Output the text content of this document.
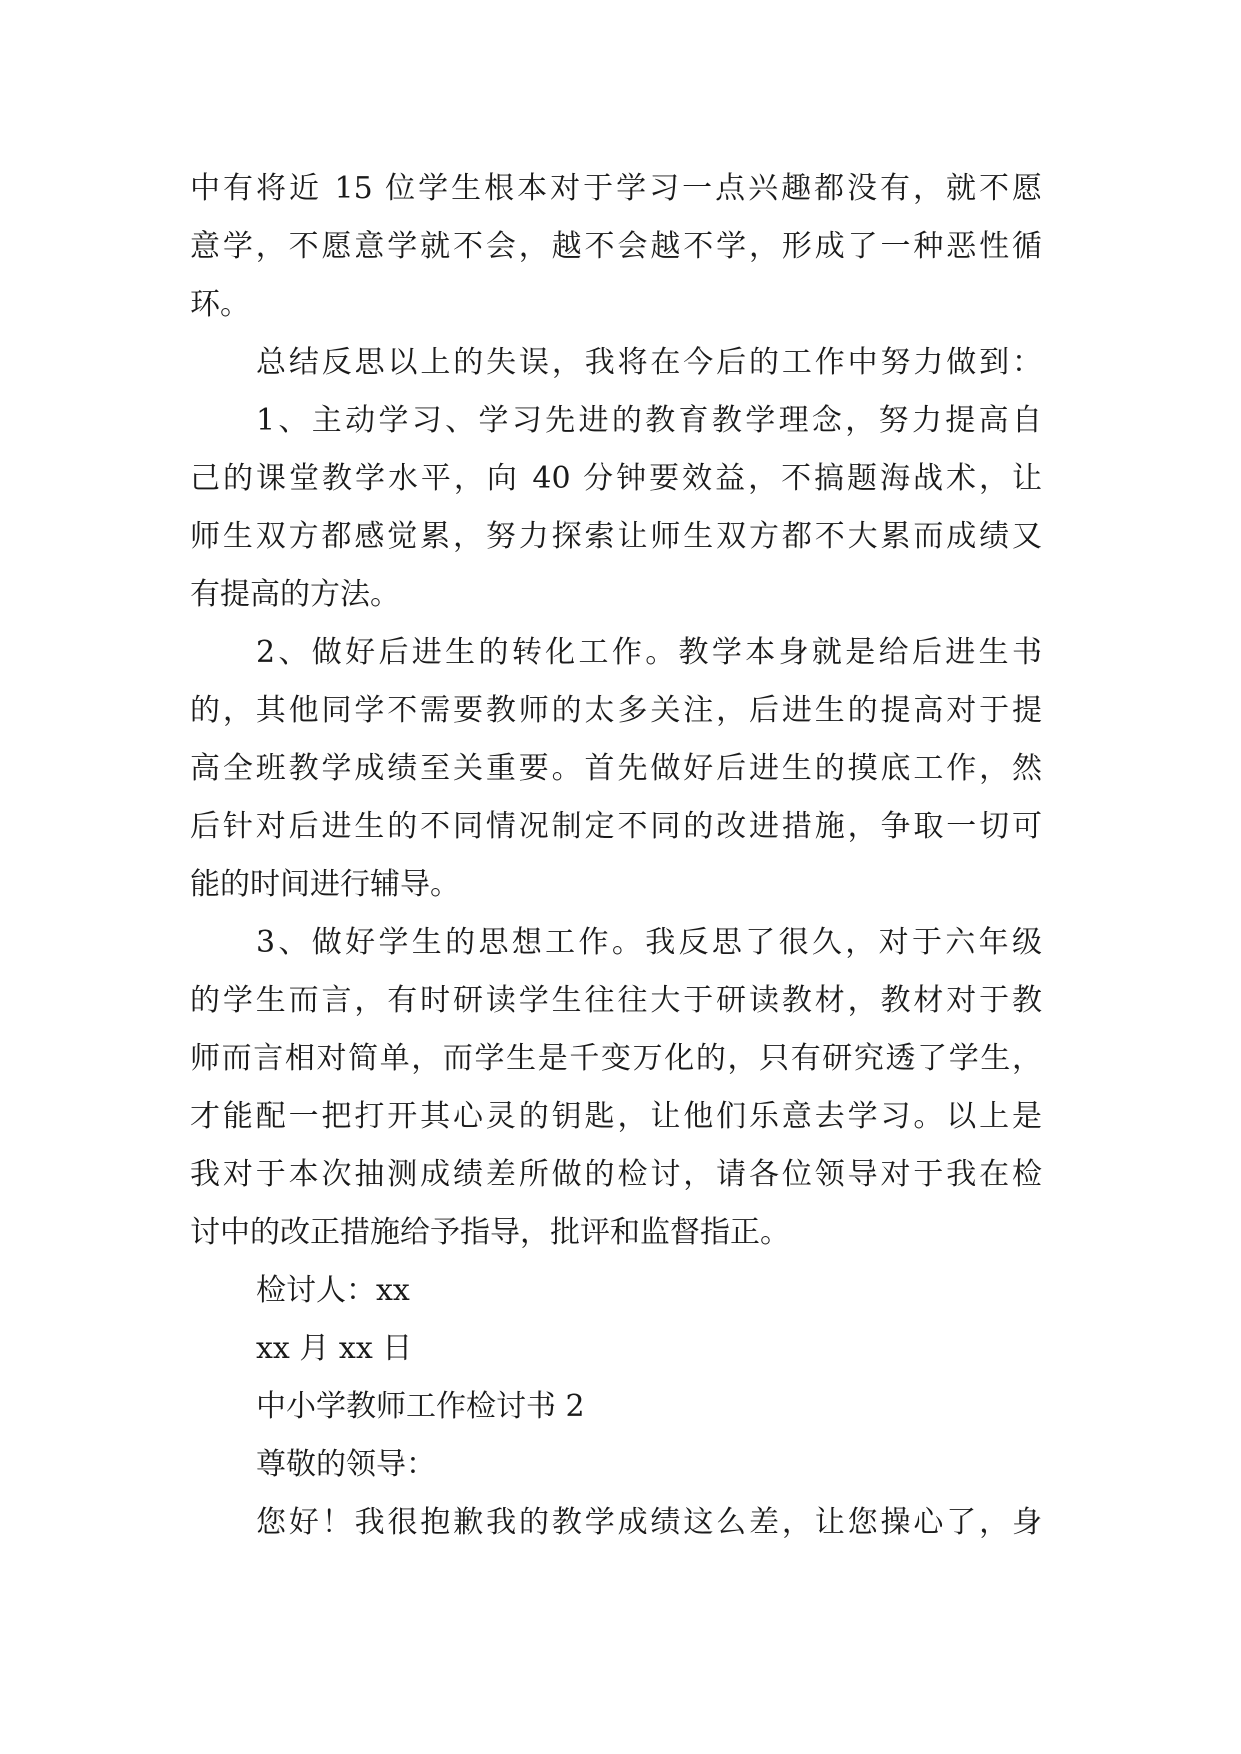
中有将近 15 位学生根本对于学习一点兴趣都没有，就不愿
意学，不愿意学就不会，越不会越不学，形成了一种恶性循
环。
总结反思以上的失误，我将在今后的工作中努力做到：
1、主动学习、学习先进的教育教学理念，努力提高自
己的课堂教学水平，向 40 分钟要效益，不搞题海战术，让
师生双方都感觉累，努力探索让师生双方都不大累而成绩又
有提高的方法。
2、做好后进生的转化工作。教学本身就是给后进生书
的，其他同学不需要教师的太多关注，后进生的提高对于提
高全班教学成绩至关重要。首先做好后进生的摸底工作，然
后针对后进生的不同情况制定不同的改进措施，争取一切可
能的时间进行辅导。
3、做好学生的思想工作。我反思了很久，对于六年级
的学生而言，有时研读学生往往大于研读教材，教材对于教
师而言相对简单，而学生是千变万化的，只有研究透了学生，
才能配一把打开其心灵的钥匙，让他们乐意去学习。以上是
我对于本次抽测成绩差所做的检讨，请各位领导对于我在检
讨中的改正措施给予指导，批评和监督指正。
检讨人：xx
xx 月 xx 日
中小学教师工作检讨书 2
尊敬的领导：
您好！我很抱歉我的教学成绩这么差，让您操心了，身
